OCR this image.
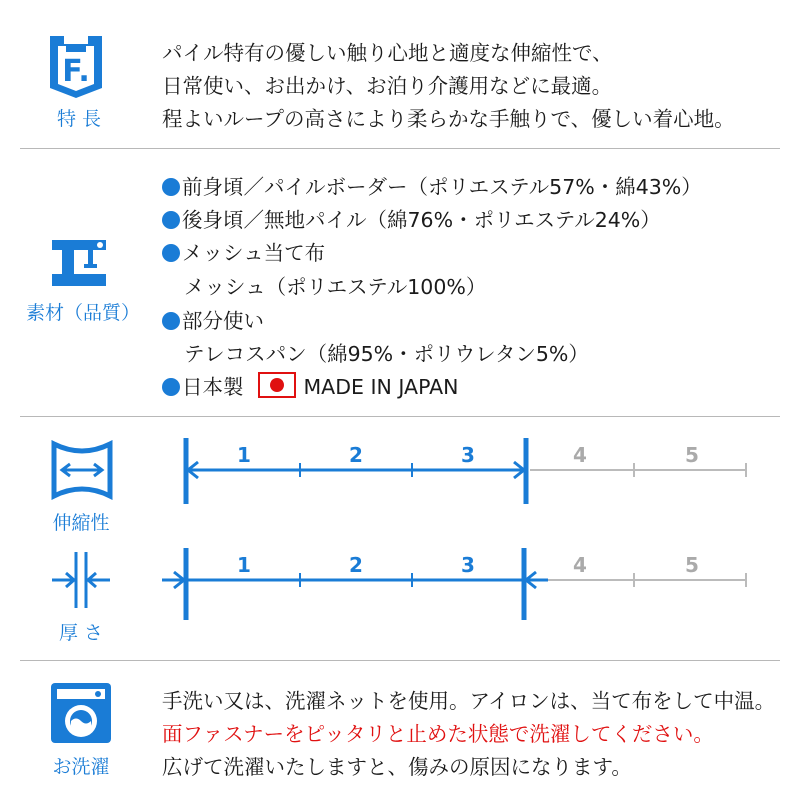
F.
特 長
パイル特有の優しい触り心地と適度な伸縮性で、
日常使い、お出かけ、お泊り介護用などに最適。
程よいループの高さにより柔らかな手触りで、優しい着心地。
素材（品質）
前身頃／パイルボーダー（ポリエステル57%・綿43%）
後身頃／無地パイル（綿76%・ポリエステル24%）
メッシュ当て布
メッシュ（ポリエステル100%）
部分使い
テレコスパン（綿95%・ポリウレタン5%）
日本製	MADE IN JAPAN
伸縮性
1	2	3	4	5
厚 さ
1	2	3	4	5
お洗濯
手洗い又は、洗濯ネットを使用。アイロンは、当て布をして中温。
面ファスナーをピッタリと止めた状態で洗濯してください。
広げて洗濯いたしますと、傷みの原因になります。
